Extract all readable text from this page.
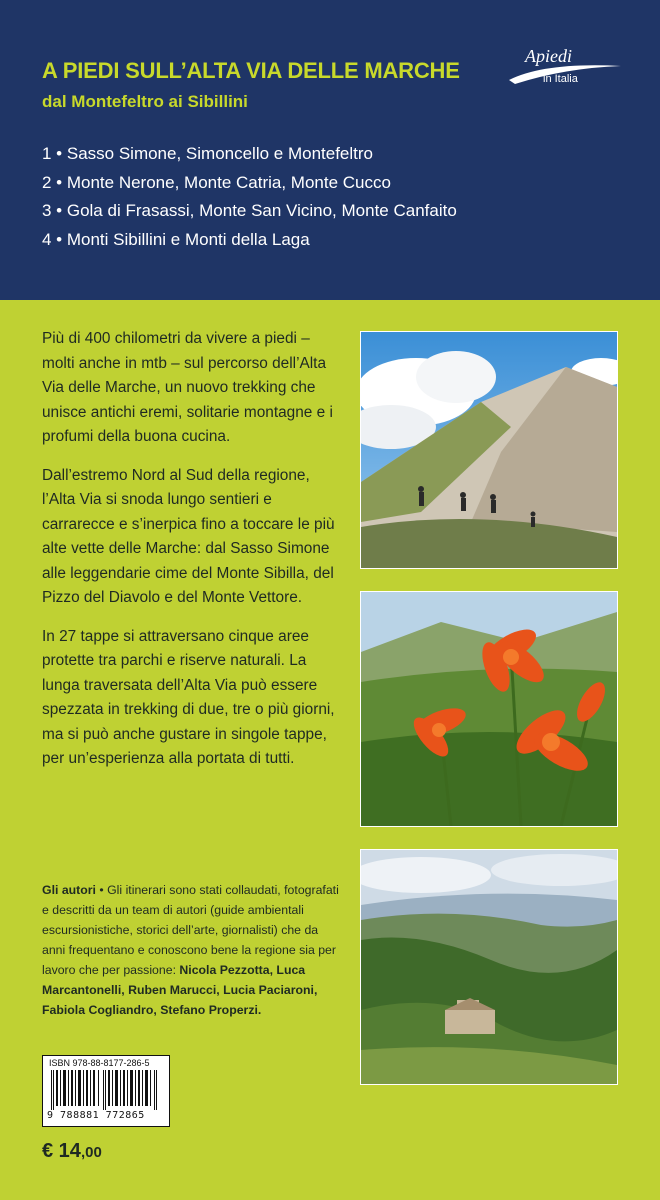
A PIEDI SULL’ALTA VIA DELLE MARCHE
dal Montefeltro ai Sibillini
Apiedi
in Italia
1 • Sasso Simone, Simoncello e Montefeltro
2 • Monte Nerone, Monte Catria, Monte Cucco
3 • Gola di Frasassi, Monte San Vicino, Monte Canfaito
4 • Monti Sibillini e Monti della Laga

Più di 400 chilometri da vivere a piedi – molti anche in mtb – sul percorso dell’Alta Via delle Marche, un nuovo trekking che unisce antichi eremi, solitarie montagne e i profumi della buona cucina.

Dall’estremo Nord al Sud della regione, l’Alta Via si snoda lungo sentieri e carrarecce e s’inerpica fino a toccare le più alte vette delle Marche: dal Sasso Simone alle leggendarie cime del Monte Sibilla, del Pizzo del Diavolo e del Monte Vettore.

In 27 tappe si attraversano cinque aree protette tra parchi e riserve naturali. La lunga traversata dell’Alta Via può essere spezzata in trekking di due, tre o più giorni, ma si può anche gustare in singole tappe, per un’esperienza alla portata di tutti.

Gli autori • Gli itinerari sono stati collaudati, fotografati e descritti da un team di autori (guide ambientali escursionistiche, storici dell’arte, giornalisti) che da anni frequentano e conoscono bene la regione sia per lavoro che per passione: Nicola Pezzotta, Luca Marcantonelli, Ruben Marucci, Lucia Paciaroni, Fabiola Cogliandro, Stefano Properzi.
ISBN 978-88-8177-286-5
9 788881 772865
€ 14,00
